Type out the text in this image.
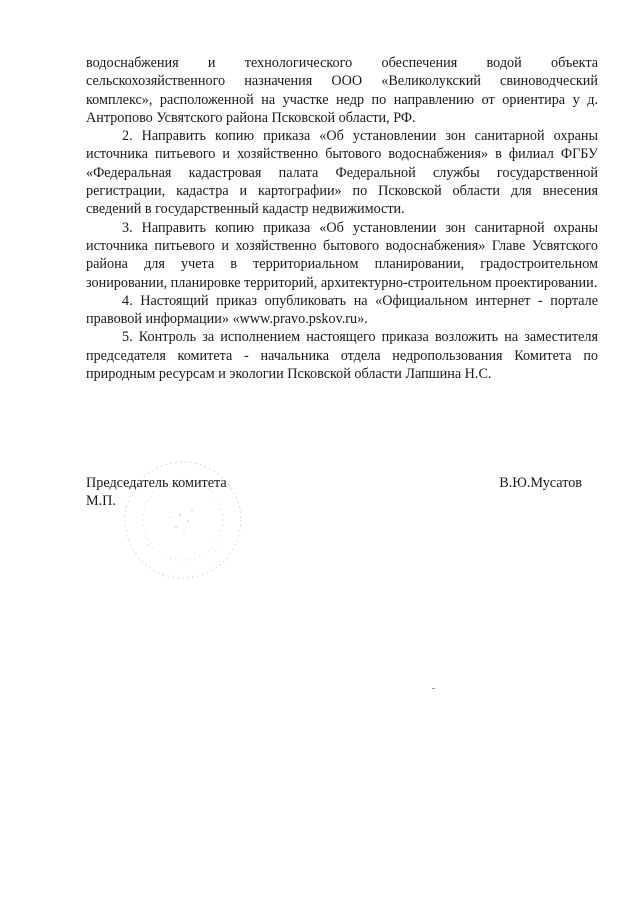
водоснабжения и технологического обеспечения водой объекта сельскохозяйственного назначения ООО «Великолукский свиноводческий комплекс», расположенной на участке недр по направлению от ориентира у д. Антропово Усвятского района Псковской области, РФ.

2. Направить копию приказа «Об установлении зон санитарной охраны источника питьевого и хозяйственно бытового водоснабжения» в филиал ФГБУ «Федеральная кадастровая палата Федеральной службы государственной регистрации, кадастра и картографии» по Псковской области для внесения сведений в государственный кадастр недвижимости.

3. Направить копию приказа «Об установлении зон санитарной охраны источника питьевого и хозяйственно бытового водоснабжения» Главе Усвятского района для учета в территориальном планировании, градостроительном зонировании, планировке территорий, архитектурно-строительном проектировании.

4. Настоящий приказ опубликовать на «Официальном интернет - портале правовой информации» «www.pravo.pskov.ru».

5. Контроль за исполнением настоящего приказа возложить на заместителя председателя комитета - начальника отдела недропользования Комитета по природным ресурсам и экологии Псковской области Лапшина Н.С.

Председатель комитета
М.П.
В.Ю.Мусатов
